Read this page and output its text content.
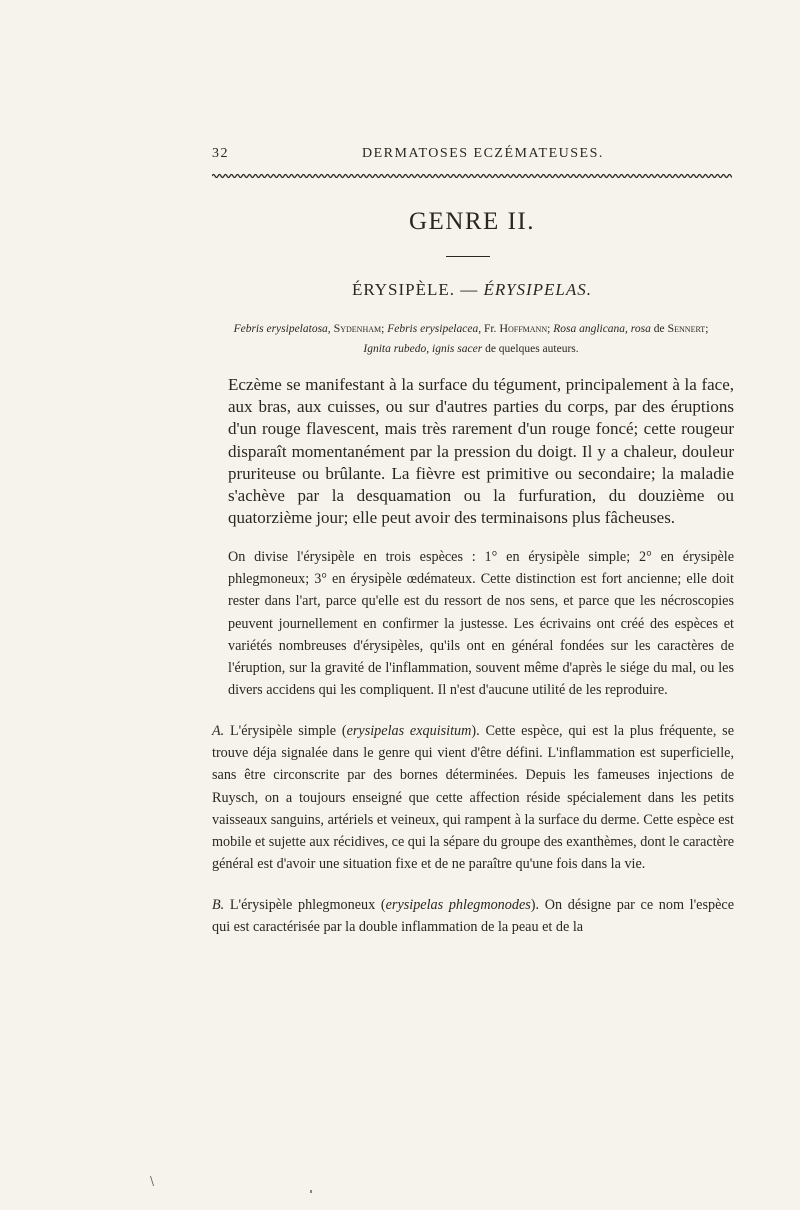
32	DERMATOSES ECZÉMATEUSES.
GENRE II.
ÉRYSIPÈLE. — ÉRYSIPELAS.
Febris erysipelatosa, Sydenham; Febris erysipelacea, Fr. Hoffmann; Rosa anglicana, rosa de Sennert;
Ignita rubedo, ignis sacer de quelques auteurs.
Eczème se manifestant à la surface du tégument, principalement à la face, aux bras, aux cuisses, ou sur d'autres parties du corps, par des éruptions d'un rouge flavescent, mais très rarement d'un rouge foncé; cette rougeur disparaît momentanément par la pression du doigt. Il y a chaleur, douleur pruriteuse ou brûlante. La fièvre est primitive ou secondaire; la maladie s'achève par la desquamation ou la furfuration, du douzième ou quatorzième jour; elle peut avoir des terminaisons plus fâcheuses.
On divise l'érysipèle en trois espèces : 1° en érysipèle simple; 2° en érysipèle phlegmoneux; 3° en érysipèle œdémateux. Cette distinction est fort ancienne; elle doit rester dans l'art, parce qu'elle est du ressort de nos sens, et parce que les nécroscopies peuvent journellement en confirmer la justesse. Les écrivains ont créé des espèces et variétés nombreuses d'érysipèles, qu'ils ont en général fondées sur les caractères de l'éruption, sur la gravité de l'inflammation, souvent même d'après le siége du mal, ou les divers accidens qui les compliquent. Il n'est d'aucune utilité de les reproduire.
A. L'érysipèle simple (erysipelas exquisitum). Cette espèce, qui est la plus fréquente, se trouve déja signalée dans le genre qui vient d'être défini. L'inflammation est superficielle, sans être circonscrite par des bornes déterminées. Depuis les fameuses injections de Ruysch, on a toujours enseigné que cette affection réside spécialement dans les petits vaisseaux sanguins, artériels et veineux, qui rampent à la surface du derme. Cette espèce est mobile et sujette aux récidives, ce qui la sépare du groupe des exanthèmes, dont le caractère général est d'avoir une situation fixe et de ne paraître qu'une fois dans la vie.
B. L'érysipèle phlegmoneux (erysipelas phlegmonodes). On désigne par ce nom l'espèce qui est caractérisée par la double inflammation de la peau et de la
\
